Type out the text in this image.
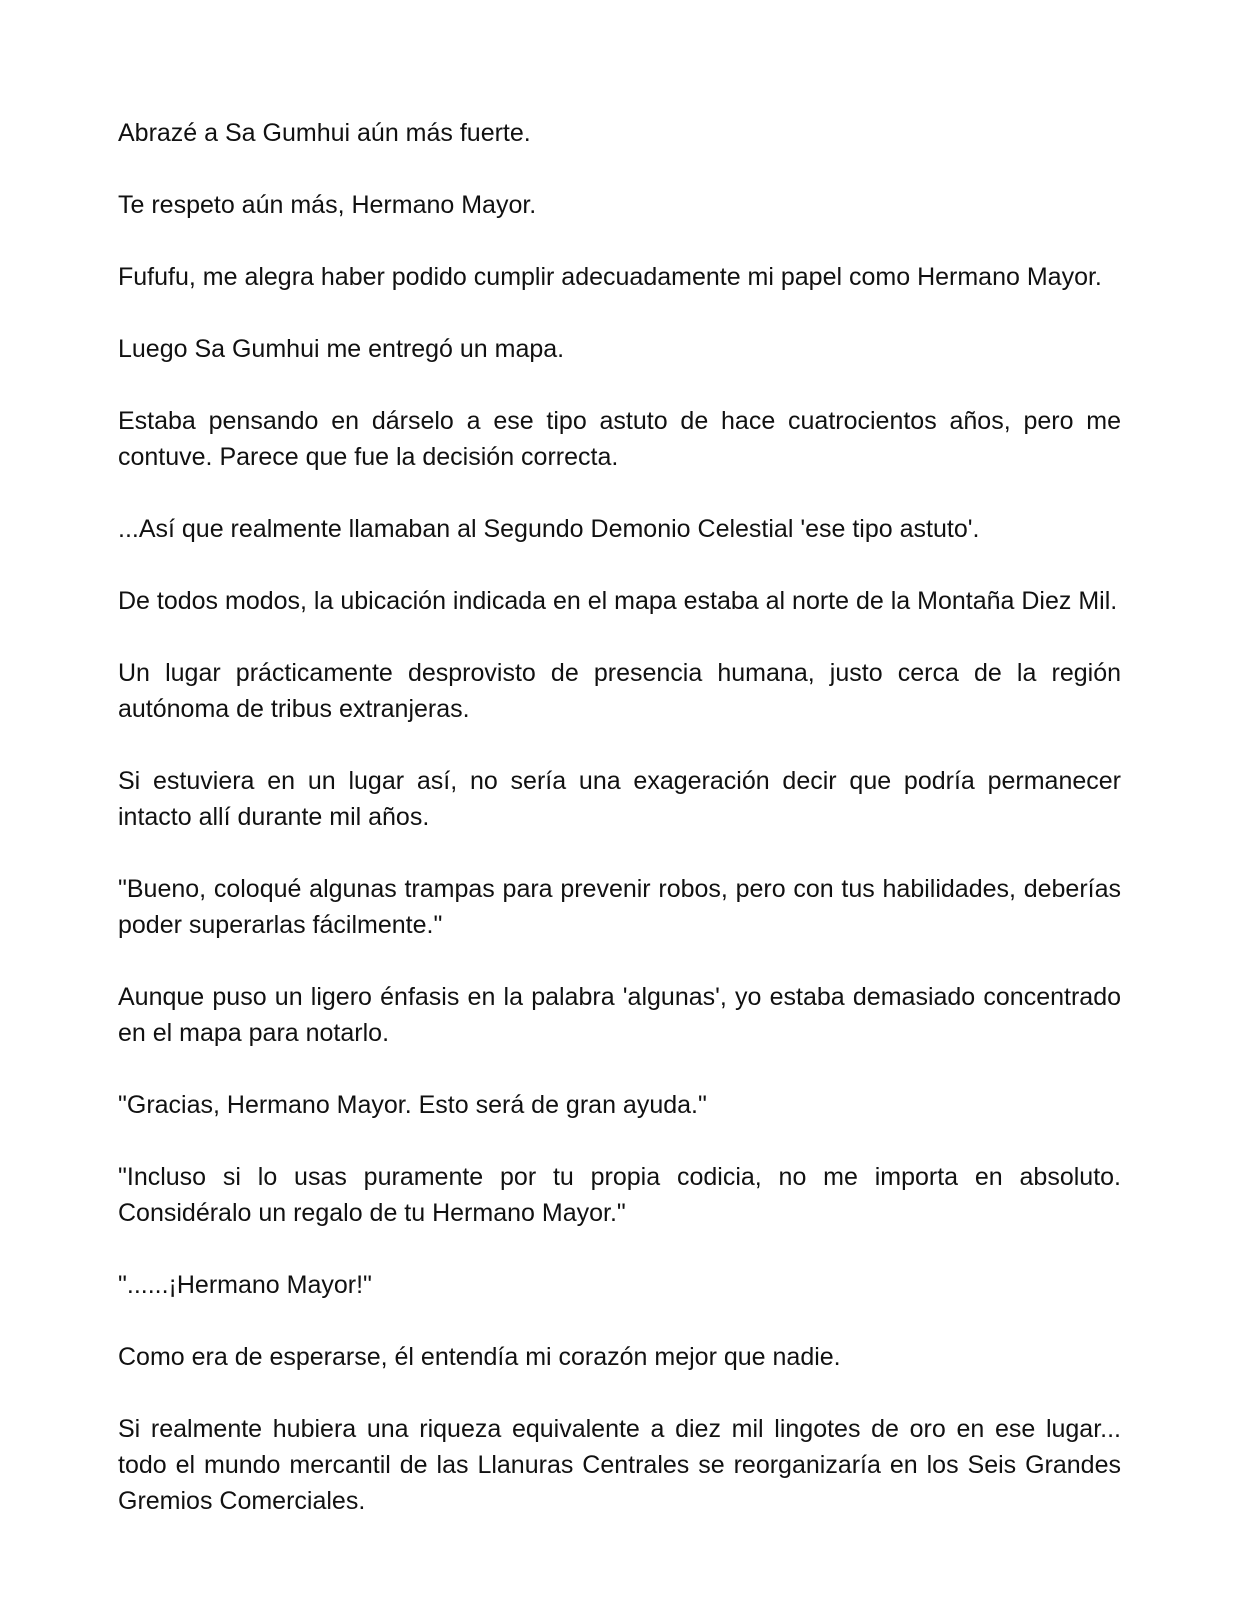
Abrazé a Sa Gumhui aún más fuerte.

Te respeto aún más, Hermano Mayor.

Fufufu, me alegra haber podido cumplir adecuadamente mi papel como Hermano Mayor.

Luego Sa Gumhui me entregó un mapa.

Estaba pensando en dárselo a ese tipo astuto de hace cuatrocientos años, pero me contuve. Parece que fue la decisión correcta.

...Así que realmente llamaban al Segundo Demonio Celestial 'ese tipo astuto'.

De todos modos, la ubicación indicada en el mapa estaba al norte de la Montaña Diez Mil.

Un lugar prácticamente desprovisto de presencia humana, justo cerca de la región autónoma de tribus extranjeras.

Si estuviera en un lugar así, no sería una exageración decir que podría permanecer intacto allí durante mil años.

"Bueno, coloqué algunas trampas para prevenir robos, pero con tus habilidades, deberías poder superarlas fácilmente."

Aunque puso un ligero énfasis en la palabra 'algunas', yo estaba demasiado concentrado en el mapa para notarlo.

"Gracias, Hermano Mayor. Esto será de gran ayuda."

"Incluso si lo usas puramente por tu propia codicia, no me importa en absoluto. Considéralo un regalo de tu Hermano Mayor."

"......¡Hermano Mayor!"

Como era de esperarse, él entendía mi corazón mejor que nadie.

Si realmente hubiera una riqueza equivalente a diez mil lingotes de oro en ese lugar... todo el mundo mercantil de las Llanuras Centrales se reorganizaría en los Seis Grandes Gremios Comerciales.
